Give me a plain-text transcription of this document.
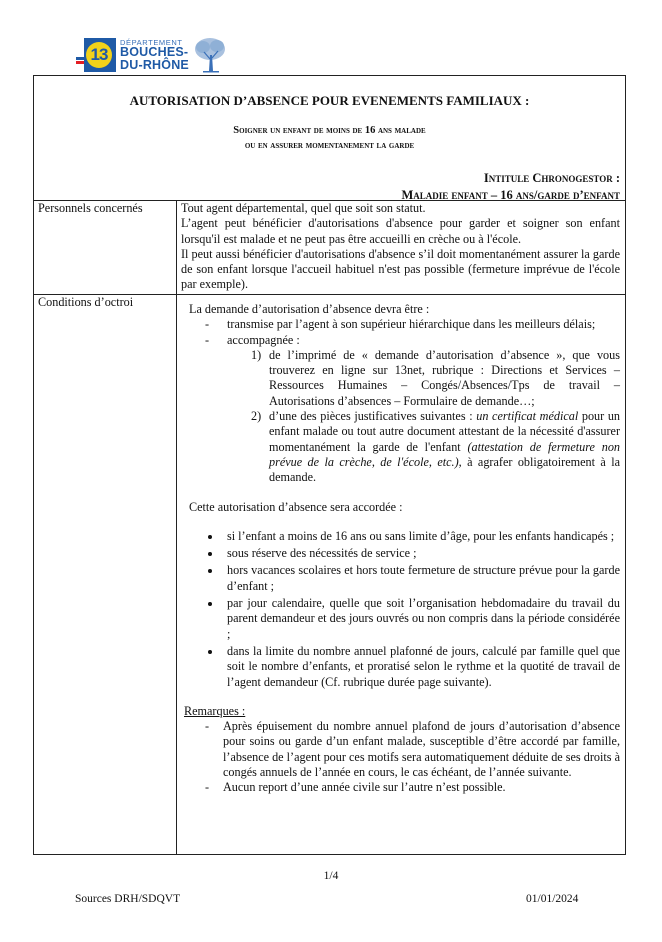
13
DÉPARTEMENT
BOUCHES-
DU-RHÔNE
AUTORISATION D’ABSENCE POUR EVENEMENTS FAMILIAUX :
Soigner un enfant de moins de 16 ans malade
ou en assurer momentanement la garde
Intitule Chronogestor :
Maladie enfant – 16 ans/garde d’enfant
Personnels concernés	Tout agent départemental, quel que soit son statut.

L’agent peut bénéficier d'autorisations d'absence pour garder et soigner son enfant lorsqu'il est malade et ne peut pas être accueilli en crèche ou à l'école.

Il peut aussi bénéficier d'autorisations d'absence s’il doit momentanément assurer la garde de son enfant lorsque l'accueil habituel n'est pas possible (fermeture imprévue de l'école par exemple).

Conditions d’octroi	La demande d’autorisation d’absence devra être :
- transmise par l’agent à son supérieur hiérarchique dans les meilleurs délais;
- accompagnée :
1) de l’imprimé de « demande d’autorisation d’absence », que vous trouverez en ligne sur 13net, rubrique : Directions et Services – Ressources Humaines – Congés/Absences/Tps de travail – Autorisations d’absences – Formulaire de demande…;
2) d’une des pièces justificatives suivantes : un certificat médical pour un enfant malade ou tout autre document attestant de la nécessité d'assurer momentanément la garde de l'enfant (attestation de fermeture non prévue de la crèche, de l'école, etc.), à agrafer obligatoirement à la demande.
Cette autorisation d’absence sera accordée :
si l’enfant a moins de 16 ans ou sans limite d’âge, pour les enfants handicapés ;
sous réserve des nécessités de service ;
hors vacances scolaires et hors toute fermeture de structure prévue pour la garde d’enfant ;
par jour calendaire, quelle que soit l’organisation hebdomadaire du travail du parent demandeur et des jours ouvrés ou non compris dans la période considérée ;
dans la limite du nombre annuel plafonné de jours, calculé par famille quel que soit le nombre d’enfants, et proratisé selon le rythme et la quotité de travail de l’agent demandeur (Cf. rubrique durée page suivante).
Remarques :
- Après épuisement du nombre annuel plafond de jours d’autorisation d’absence pour soins ou garde d’un enfant malade, susceptible d’être accordé par famille, l’absence de l’agent pour ces motifs sera automatiquement déduite de ses droits à congés annuels de l’année en cours, le cas échéant, de l’année suivante.
- Aucun report d’une année civile sur l’autre n’est possible.
1/4
Sources DRH/SDQVT	01/01/2024
